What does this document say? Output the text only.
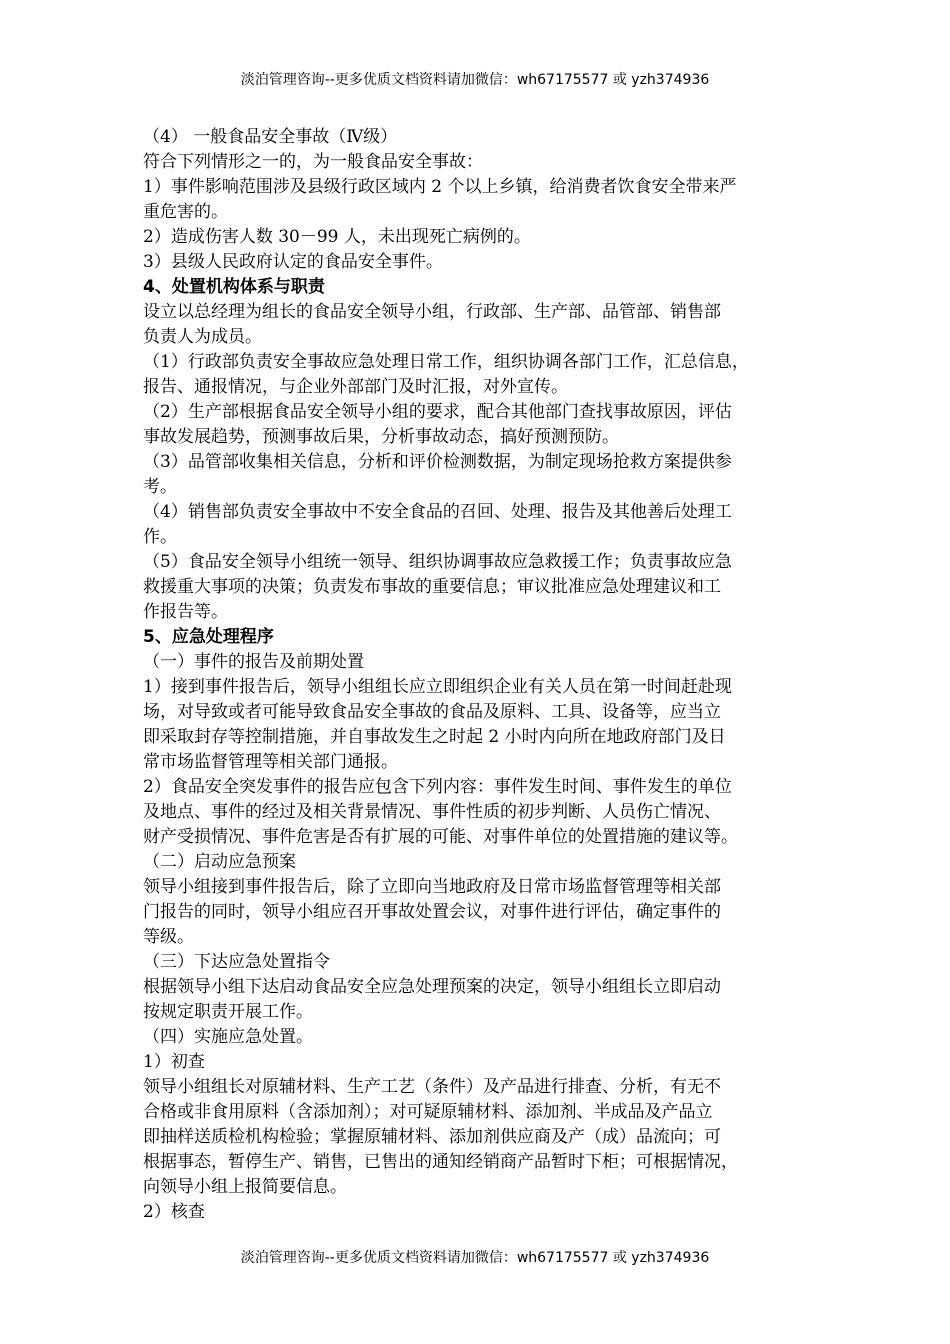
淡泊管理咨询--更多优质文档资料请加微信：wh67175577 或 yzh374936

（4） 一般食品安全事故（Ⅳ级）

符合下列情形之一的，为一般食品安全事故：

1）事件影响范围涉及县级行政区域内 2 个以上乡镇，给消费者饮食安全带来严

重危害的。

2）造成伤害人数 30－99 人，未出现死亡病例的。

3）县级人民政府认定的食品安全事件。

4、处置机构体系与职责

设立以总经理为组长的食品安全领导小组，行政部、生产部、品管部、销售部

负责人为成员。

（1）行政部负责安全事故应急处理日常工作，组织协调各部门工作，汇总信息，

报告、通报情况，与企业外部部门及时汇报，对外宣传。

（2）生产部根据食品安全领导小组的要求，配合其他部门查找事故原因，评估

事故发展趋势，预测事故后果，分析事故动态，搞好预测预防。

（3）品管部收集相关信息，分析和评价检测数据，为制定现场抢救方案提供参

考。

（4）销售部负责安全事故中不安全食品的召回、处理、报告及其他善后处理工

作。

（5）食品安全领导小组统一领导、组织协调事故应急救援工作；负责事故应急

救援重大事项的决策；负责发布事故的重要信息；审议批准应急处理建议和工

作报告等。

5、应急处理程序

（一）事件的报告及前期处置

1）接到事件报告后，领导小组组长应立即组织企业有关人员在第一时间赶赴现

场，对导致或者可能导致食品安全事故的食品及原料、工具、设备等，应当立

即采取封存等控制措施，并自事故发生之时起 2 小时内向所在地政府部门及日

常市场监督管理等相关部门通报。

2）食品安全突发事件的报告应包含下列内容：事件发生时间、事件发生的单位

及地点、事件的经过及相关背景情况、事件性质的初步判断、人员伤亡情况、

财产受损情况、事件危害是否有扩展的可能、对事件单位的处置措施的建议等。

（二）启动应急预案

领导小组接到事件报告后，除了立即向当地政府及日常市场监督管理等相关部

门报告的同时，领导小组应召开事故处置会议，对事件进行评估，确定事件的

等级。

（三）下达应急处置指令

根据领导小组下达启动食品安全应急处理预案的决定，领导小组组长立即启动

按规定职责开展工作。

（四）实施应急处置。

1）初查

领导小组组长对原辅材料、生产工艺（条件）及产品进行排查、分析，有无不

合格或非食用原料（含添加剂）；对可疑原辅材料、添加剂、半成品及产品立

即抽样送质检机构检验；掌握原辅材料、添加剂供应商及产（成）品流向；可

根据事态，暂停生产、销售，已售出的通知经销商产品暂时下柜；可根据情况，

向领导小组上报简要信息。

2）核查

淡泊管理咨询--更多优质文档资料请加微信：wh67175577 或 yzh374936
